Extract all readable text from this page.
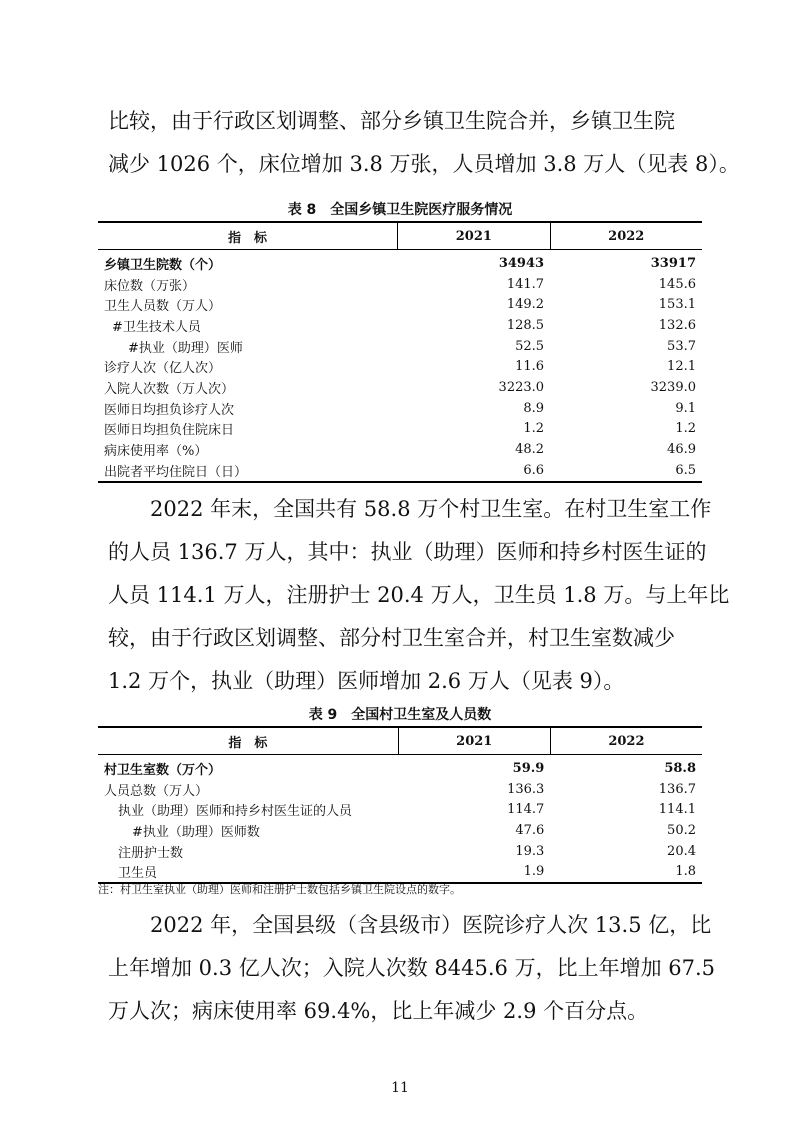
比较，由于行政区划调整、部分乡镇卫生院合并，乡镇卫生院
减少 1026 个，床位增加 3.8 万张，人员增加 3.8 万人（见表 8）。

表 8　全国乡镇卫生院医疗服务情况
指　标	2021	2022
乡镇卫生院数（个）	34943	33917
床位数（万张）	141.7	145.6
卫生人员数（万人）	149.2	153.1
#卫生技术人员	128.5	132.6
#执业（助理）医师	52.5	53.7
诊疗人次（亿人次）	11.6	12.1
入院人次数（万人次）	3223.0	3239.0
医师日均担负诊疗人次	8.9	9.1
医师日均担负住院床日	1.2	1.2
病床使用率（%）	48.2	46.9
出院者平均住院日（日）	6.6	6.5

2022 年末，全国共有 58.8 万个村卫生室。在村卫生室工作
的人员 136.7 万人，其中：执业（助理）医师和持乡村医生证的
人员 114.1 万人，注册护士 20.4 万人，卫生员 1.8 万。与上年比
较，由于行政区划调整、部分村卫生室合并，村卫生室数减少
1.2 万个，执业（助理）医师增加 2.6 万人（见表 9）。

表 9　全国村卫生室及人员数
指　标	2021	2022
村卫生室数（万个）	59.9	58.8
人员总数（万人）	136.3	136.7
执业（助理）医师和持乡村医生证的人员	114.7	114.1
#执业（助理）医师数	47.6	50.2
注册护士数	19.3	20.4
卫生员	1.9	1.8
注：村卫生室执业（助理）医师和注册护士数包括乡镇卫生院设点的数字。

2022 年，全国县级（含县级市）医院诊疗人次 13.5 亿，比
上年增加 0.3 亿人次；入院人次数 8445.6 万，比上年增加 67.5
万人次；病床使用率 69.4%，比上年减少 2.9 个百分点。

11
